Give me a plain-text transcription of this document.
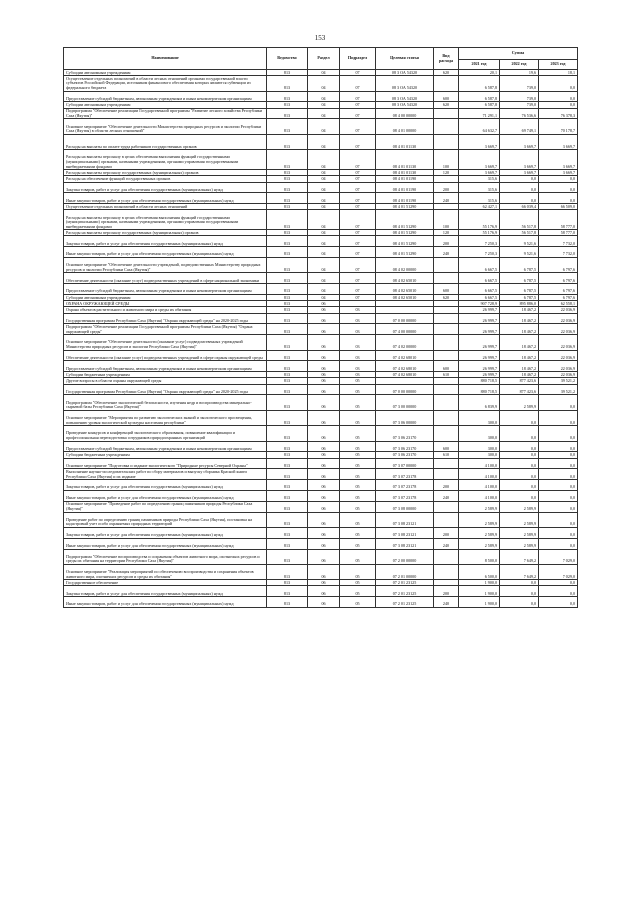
153
Наименование	Ведомство	Раздел	Подраздел	Целевая статья	Вид расхода	Сумма		
						2021 год	2022 год	2023 год
Субсидии автономным учреждениям	813	04	07	08 3 ОА 54320	620	20,1	19,6	18,1
Осуществление отдельных полномочий в области лесных отношений органами государственной власти субъектов Российской Федерации, источником финансового обеспечения которых являются субвенции из федерального бюджета	813	04	07	08 3 ОА 54320		6 587,8	739,0	0,0
Предоставление субсидий бюджетным, автономным учреждениям и иным некоммерческим организациям	813	04	07	08 3 ОА 54320	600	6 587,8	739,0	0,0
Субсидии автономным учреждениям	813	04	07	08 3 ОА 54320	620	6 587,8	739,0	0,0
Подпрограмма "Обеспечение реализации Государственной программы "Развитие лесного хозяйства Республики Саха (Якутия)"	813	04	07	08 4 00 00000		71 291,1	76 536,6	76 378,3
Основное мероприятие "Обеспечение деятельности Министерства природных ресурсов и экологии Республики Саха (Якутия) в области лесных отношений"	813	04	07	08 4 01 00000		64 632,7	69 749,1	70 178,7
Расходы на выплаты по оплате труда работников государственных органов	813	04	07	08 4 01 01130		3 669,7	3 669,7	3 669,7
Расходы на выплаты персоналу в целях обеспечения выполнения функций государственными (муниципальными) органами, казенными учреждениями, органами управления государственными внебюджетными фондами	813	04	07	08 4 01 01130	100	3 669,7	3 669,7	3 669,7
Расходы на выплаты персоналу государственных (муниципальных) органов	813	04	07	08 4 01 01130	120	3 669,7	3 669,7	3 669,7
Расходы на обеспечение функций государственных органов	813	04	07	08 4 01 01190		315,6	0,0	0,0
Закупка товаров, работ и услуг для обеспечения государственных (муниципальных) нужд	813	04	07	08 4 01 01190	200	315,6	0,0	0,0
Иные закупки товаров, работ и услуг для обеспечения государственных (муниципальных) нужд	813	04	07	08 4 01 01190	240	315,6	0,0	0,0
Осуществление отдельных полномочий в области лесных отношений	813	04	07	08 4 01 51290		62 427,1	66 039,4	66 509,0
Расходы на выплаты персоналу в целях обеспечения выполнения функций государственными (муниципальными) органами, казенными учреждениями, органами управления государственными внебюджетными фондами	813	04	07	08 4 01 51290	100	55 176,9	56 517,8	58 777,0
Расходы на выплаты персоналу государственных (муниципальных) органов	813	04	07	08 4 01 51290	120	55 176,9	56 517,8	58 777,0
Закупка товаров, работ и услуг для обеспечения государственных (муниципальных) нужд	813	04	07	08 4 01 51290	200	7 250,3	9 521,6	7 732,0
Иные закупки товаров, работ и услуг для обеспечения государственных (муниципальных) нужд	813	04	07	08 4 01 51290	240	7 250,3	9 521,6	7 732,0
Основное мероприятие "Обеспечение деятельности учреждений, подведомственных Министерству природных ресурсов и экологии Республики Саха (Якутия)"	813	04	07	08 4 02 00000		6 667,5	6 787,5	6 797,6
Обеспечение деятельности (оказание услуг) подведомственных учреждений в сфере национальной экономики	813	04	07	08 4 02 65010		6 667,5	6 787,5	6 797,6
Предоставление субсидий бюджетным, автономным учреждениям и иным некоммерческим организациям	813	04	07	08 4 02 65010	600	6 667,5	6 787,5	6 797,6
Субсидии автономным учреждениям	813	04	07	08 4 02 65010	620	6 667,5	6 787,5	6 797,6
ОХРАНА ОКРУЖАЮЩЕЙ СРЕДЫ	813	06				907 728,9	895 886,0	62 558,1
Охрана объектов растительного и животного мира и среды их обитания	813	06	03			26 999,7	18 467,2	22 036,9
Государственная программа Республики Саха (Якутия) "Охрана окружающей среды" на 2020-2025 годы	813	06	03	07 0 00 00000		26 999,7	18 467,2	22 036,9
Подпрограмма "Обеспечение реализации Государственной программы Республики Саха (Якутия) "Охрана окружающей среды"	813	06	03	07 4 00 00000		26 999,7	18 467,2	22 036,9
Основное мероприятие "Обеспечение деятельности (оказание услуг) подведомственных учреждений Министерства природных ресурсов и экологии Республики Саха (Якутия)"	813	06	03	07 4 02 00000		26 999,7	18 467,2	22 036,9
Обеспечение деятельности (оказание услуг) подведомственных учреждений в сфере охраны окружающей среды	813	06	03	07 4 02 68010		26 999,7	18 467,2	22 036,9
Предоставление субсидий бюджетным, автономным учреждениям и иным некоммерческим организациям	813	06	03	07 4 02 68010	600	26 999,7	18 467,2	22 036,9
Субсидии бюджетным учреждениям	813	06	03	07 4 02 68010	610	26 999,7	18 467,2	22 036,9
Другие вопросы в области охраны окружающей среды	813	06	05			880 718,5	877 423,6	39 521,2
Государственная программа Республики Саха (Якутия) "Охрана окружающей среды" на 2020-2025 годы	813	06	05	07 0 00 00000		880 718,5	877 423,6	39 521,2
Подпрограмма "Обеспечение экологической безопасности, изучения недр и воспроизводства минерально-сырьевой базы Республики Саха (Якутия)"	813	06	05	07 3 00 00000		6 839,9	2 589,9	0,0
Основное мероприятие "Мероприятия по развитию экологических знаний и экологического просвещения, повышению уровня экологической культуры населения республики"	813	06	05	07 3 06 00000		300,0	0,0	0,0
Проведение конкурсов и конференций экологического образования, повышение квалификации и профессиональная переподготовка сотрудников природоохранных организаций	813	06	05	07 3 06 23170		300,0	0,0	0,0
Предоставление субсидий бюджетным, автономным учреждениям и иным некоммерческим организациям	813	06	05	07 3 06 23170	600	300,0	0,0	0,0
Субсидии бюджетным учреждениям	813	06	05	07 3 06 23170	610	300,0	0,0	0,0
Основное мероприятие "Подготовка и издание экологического "Природные ресурсы Северной Охраны"	813	06	05	07 3 07 00000		4 100,0	0,0	0,0
Выполнение научно-исследовательских работ по сбору материалов и выпуску сборника Красной книги Республики Саха (Якутия) и их издание	813	06	05	07 3 07 23178		4 100,0	0,0	0,0
Закупка товаров, работ и услуг для обеспечения государственных (муниципальных) нужд	813	06	05	07 3 07 23178	200	4 100,0	0,0	0,0
Иные закупки товаров, работ и услуг для обеспечения государственных (муниципальных) нужд	813	06	05	07 3 07 23178	240	4 100,0	0,0	0,0
Основное мероприятие "Проведение работ по определению границ памятников природы Республики Саха (Якутия)"	813	06	05	07 3 08 00000		2 589,9	2 589,9	0,0
Проведение работ по определению границ памятников природы Республики Саха (Якутия), постановка на кадастровый учет особо охраняемых природных территорий	813	06	05	07 3 08 23121		2 589,9	2 589,9	0,0
Закупка товаров, работ и услуг для обеспечения государственных (муниципальных) нужд	813	06	05	07 3 08 23121	200	2 589,9	2 589,9	0,0
Иные закупки товаров, работ и услуг для обеспечения государственных (муниципальных) нужд	813	06	05	07 3 08 23121	240	2 589,9	2 589,9	0,0
Подпрограмма "Обеспечение воспроизводства и сохранения объектов животного мира, охотничьих ресурсов и среды их обитания на территории Республики Саха (Якутия)"	813	06	05	07 2 00 00000		8 500,0	7 649,2	7 029,0
Основное мероприятие "Реализация мероприятий по обеспечению воспроизводства и сохранения объектов животного мира, охотничьих ресурсов и среды их обитания"	813	06	05	07 2 01 00000		6 500,0	7 649,2	7 029,0
Государственное обеспечение	813	06	05	07 2 01 23125		1 900,0	0,0	0,0
Закупка товаров, работ и услуг для обеспечения государственных (муниципальных) нужд	813	06	05	07 2 01 23125	200	1 900,0	0,0	0,0
Иные закупки товаров, работ и услуг для обеспечения государственных (муниципальных) нужд	813	06	05	07 2 01 23125	240	1 900,0	0,0	0,0
